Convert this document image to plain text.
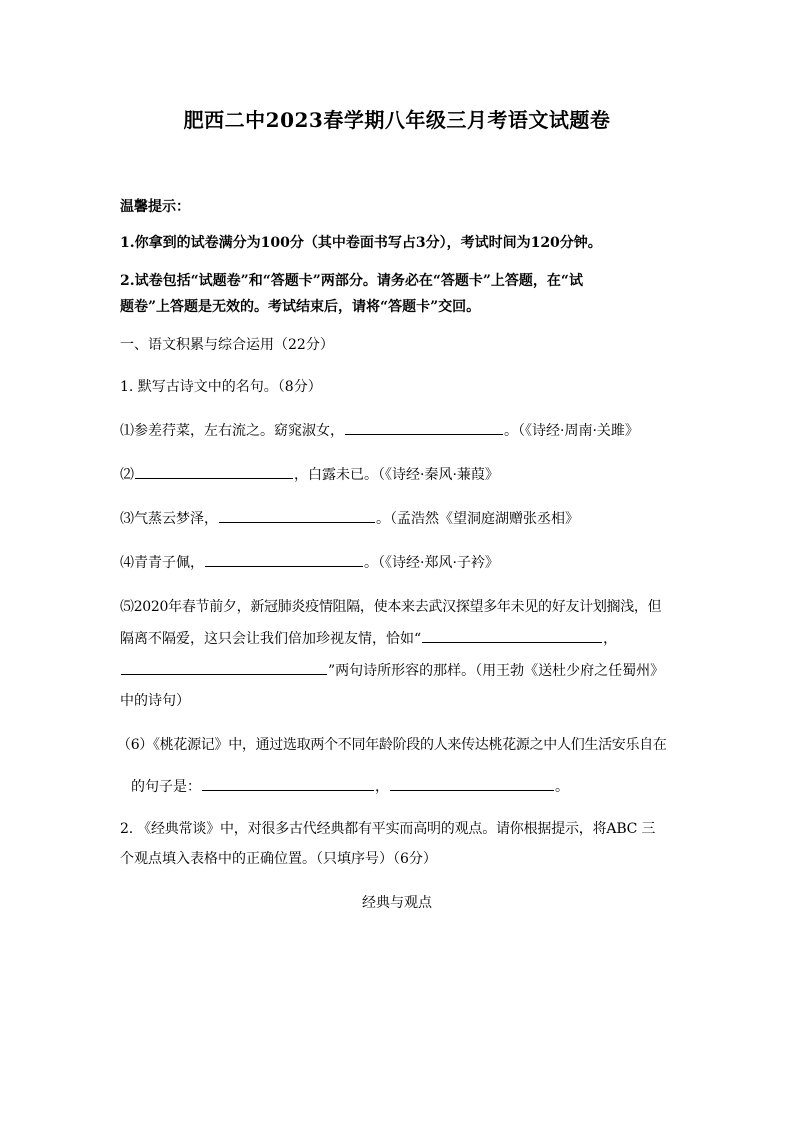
肥西二中2023春学期八年级三月考语文试题卷
温馨提示：
1.你拿到的试卷满分为100分（其中卷面书写占3分），考试时间为120分钟。
2.试卷包括“试题卷”和“答题卡”两部分。请务必在“答题卡”上答题，在“试
题卷”上答题是无效的。考试结束后，请将“答题卡”交回。
一、语文积累与综合运用（22分）
1. 默写古诗文中的名句。（8分）
⑴参差荇菜，左右流之。窈窕淑女，	。（《诗经·周南·关雎》
⑵	，白露未已。（《诗经·秦风·蒹葭》
⑶气蒸云梦泽，	。（孟浩然《望洞庭湖赠张丞相》
⑷青青子佩，	。（《诗经·郑风·子衿》
⑸2020年春节前夕，新冠肺炎疫情阻隔，使本来去武汉探望多年未见的好友计划搁浅，但
隔离不隔爱，这只会让我们倍加珍视友情，恰如“	，
”两句诗所形容的那样。（用王勃《送杜少府之任蜀州》
中的诗句）
（6）《桃花源记》中，通过选取两个不同年龄阶段的人来传达桃花源之中人们生活安乐自在
的句子是：	，	。
2. 《经典常谈》中，对很多古代经典都有平实而高明的观点。请你根据提示，将ABC 三
个观点填入表格中的正确位置。（只填序号）（6分）
经典与观点
